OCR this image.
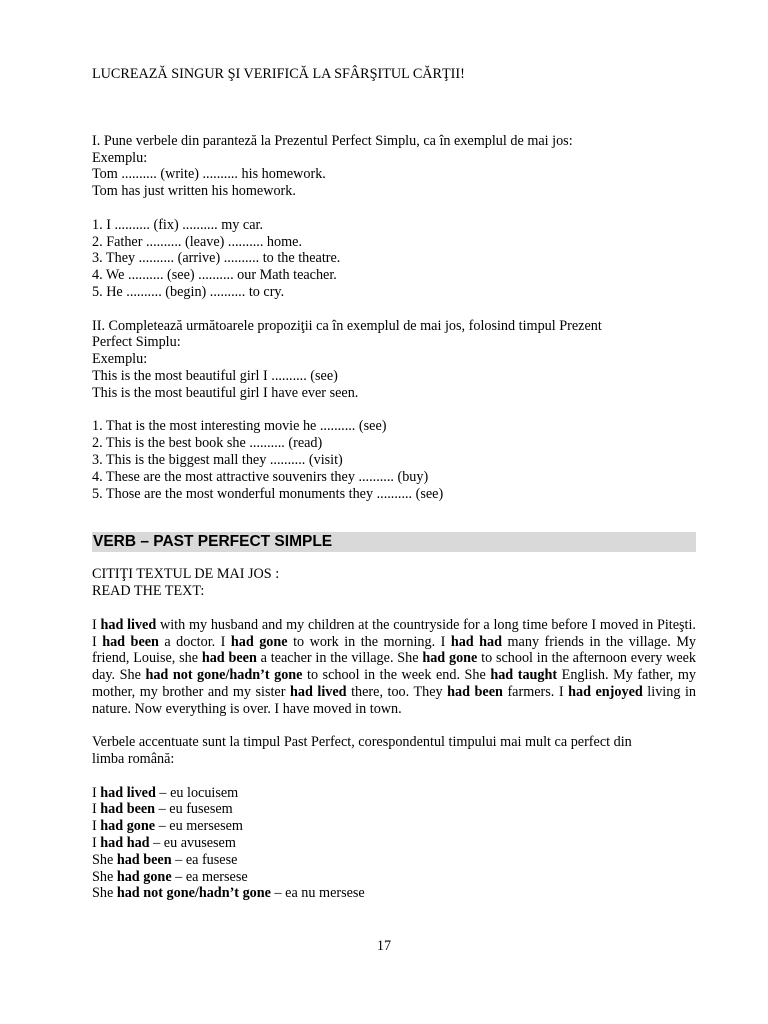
LUCREAZĂ SINGUR ŞI VERIFICĂ LA SFÂRŞITUL CĂRŢII!

I. Pune verbele din paranteză la Prezentul Perfect Simplu, ca în exemplul de mai jos:

Exemplu:

Tom .......... (write) .......... his homework.

Tom has just written his homework.

1. I .......... (fix) .......... my car.

2. Father .......... (leave) .......... home.

3. They .......... (arrive) .......... to the theatre.

4. We .......... (see) .......... our Math teacher.

5. He .......... (begin) .......... to cry.

II. Completează următoarele propoziţii ca în exemplul de mai jos, folosind timpul Prezent

Perfect Simplu:

Exemplu:

This is the most beautiful girl I .......... (see)

This is the most beautiful girl I have ever seen.

1. That is the most interesting movie he .......... (see)

2. This is the best book she .......... (read)

3. This is the biggest mall they .......... (visit)

4. These are the most attractive souvenirs they .......... (buy)

5. Those are the most wonderful monuments they .......... (see)

VERB – PAST PERFECT SIMPLE

CITIŢI TEXTUL DE MAI JOS :

READ THE TEXT:

I had lived with my husband and my children at the countryside for a long time before I moved in Piteşti. I had been a doctor. I had gone to work in the morning. I had had many friends in the village. My friend, Louise, she had been a teacher in the village. She had gone to school in the afternoon every week day. She had not gone/hadn’t gone to school in the week end. She had taught English. My father, my mother, my brother and my sister had lived there, too. They had been farmers. I had enjoyed living in nature. Now everything is over. I have moved in town.

Verbele accentuate sunt la timpul Past Perfect, corespondentul timpului mai mult ca perfect din

limba română:

I had lived – eu locuisem

I had been – eu fusesem

I had gone – eu mersesem

I had had – eu avusesem

She had been – ea fusese

She had gone – ea mersese

She had not gone/hadn’t gone – ea nu mersese

17
